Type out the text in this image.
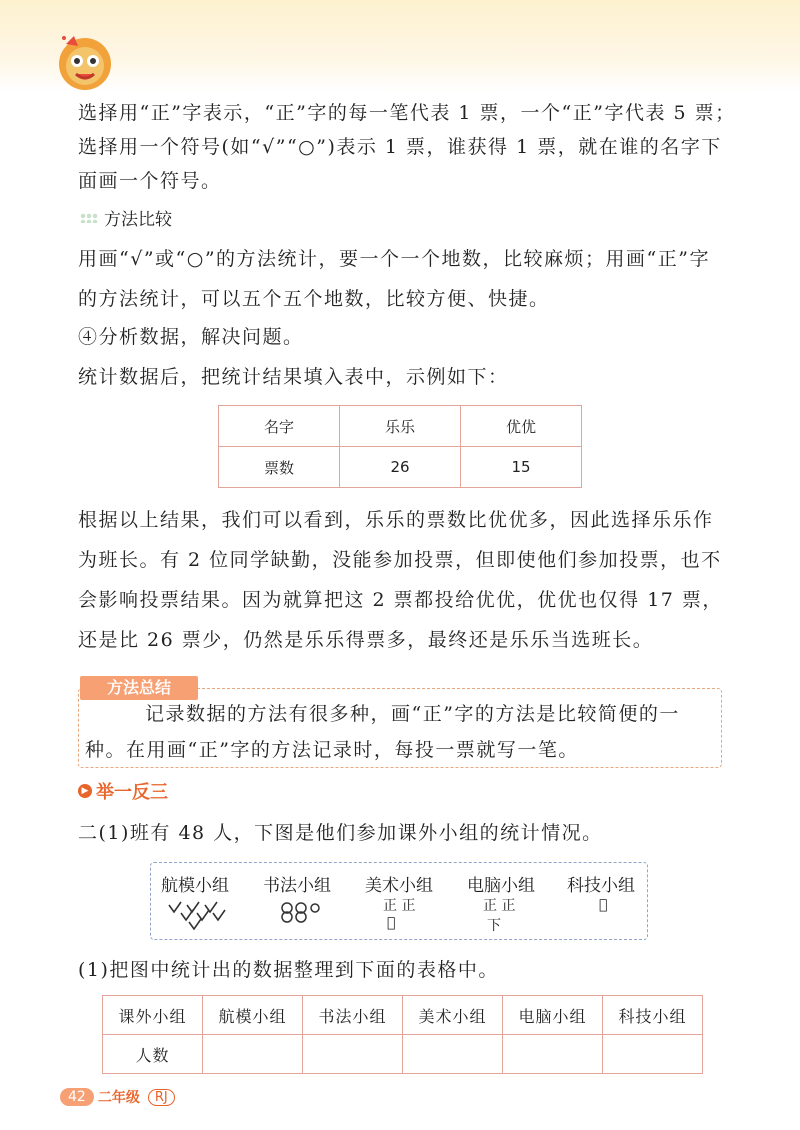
选择用“正”字表示，“正”字的每一笔代表 1 票，一个“正”字代表 5 票；
选择用一个符号(如“√”“○”)表示 1 票，谁获得 1 票，就在谁的名字下
面画一个符号。
方法比较
用画“√”或“○”的方法统计，要一个一个地数，比较麻烦；用画“正”字
的方法统计，可以五个五个地数，比较方便、快捷。
④分析数据，解决问题。
统计数据后，把统计结果填入表中，示例如下：
名字	乐乐	优优
票数	26	15
根据以上结果，我们可以看到，乐乐的票数比优优多，因此选择乐乐作
为班长。有 2 位同学缺勤，没能参加投票，但即使他们参加投票，也不
会影响投票结果。因为就算把这 2 票都投给优优，优优也仅得 17 票，
还是比 26 票少，仍然是乐乐得票多，最终还是乐乐当选班长。
记录数据的方法有很多种，画“正”字的方法是比较简便的一
种。在用画“正”字的方法记录时，每投一票就写一笔。
方法总结
▶ 举一反三
二(1)班有 48 人，下图是他们参加课外小组的统计情况。
航模小组 书法小组 美术小组 电脑小组 科技小组
正 正
𠀆
正 正
下
𠀆
(1)把图中统计出的数据整理到下面的表格中。
课外小组	航模小组	书法小组	美术小组	电脑小组	科技小组
人数					
42 二年级	RJ
